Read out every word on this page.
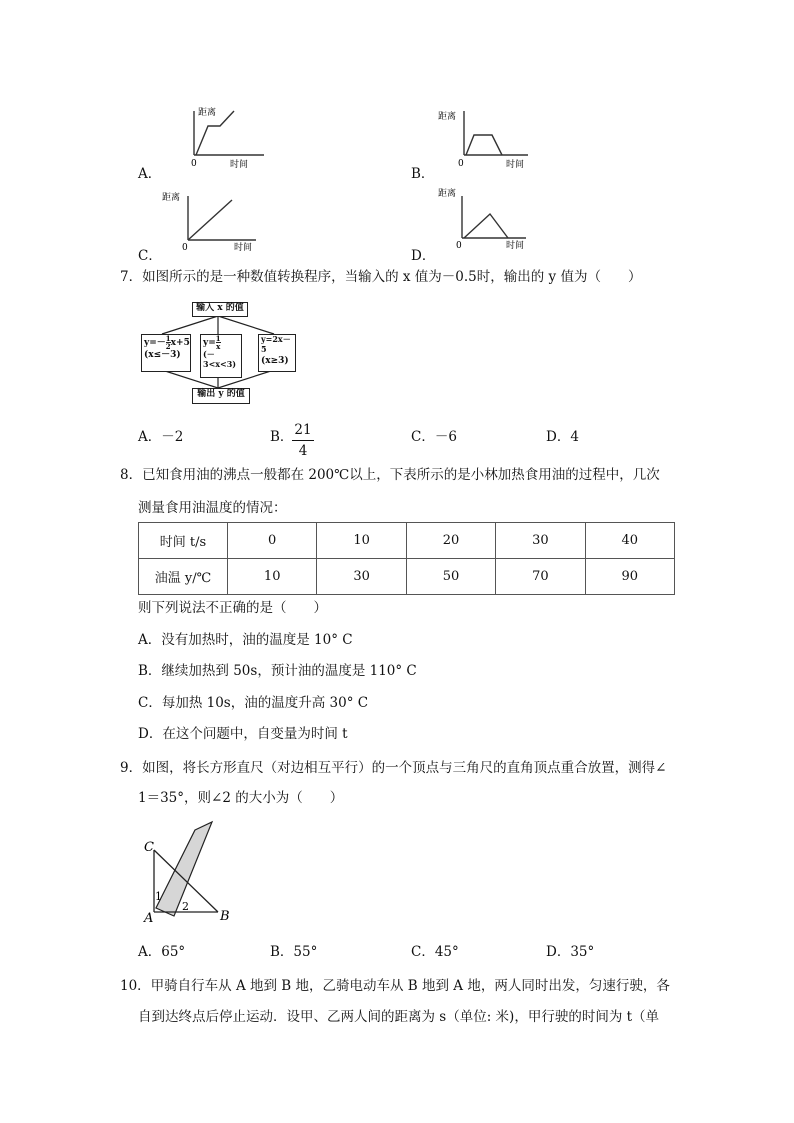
A．
距离
0	时间
B．
距离
0	时间
C．
距离
0	时间	D．
距离
0	时间
7．如图所示的是一种数值转换程序，当输入的 x 值为－0.5时，输出的 y 值为（　　）
输入 x 的值
$y=- \frac{1}{2} x+5$
(x≤－3)
$y= \frac{1}{x}$

(－3<x<3)
y=2x－5
(x≥3)
输出 y 的值
A．－2	B． 21
4
C．－6	D．4
8．已知食用油的沸点一般都在 200℃以上，下表所示的是小林加热食用油的过程中，几次
测量食用油温度的情况：
时间 t/s	0	10	20	30	40
油温 y/℃	10	30	50	70	90
则下列说法不正确的是（　　）
A．没有加热时，油的温度是 10° C
B．继续加热到 50s，预计油的温度是 110° C
C．每加热 10s，油的温度升高 30° C
D．在这个问题中，自变量为时间 t
9．如图，将长方形直尺（对边相互平行）的一个顶点与三角尺的直角顶点重合放置，测得∠
1＝35°，则∠2 的大小为（　　）
C
A	B
1
2
A．65°	B．55°	C．45°	D．35°
10．甲骑自行车从 A 地到 B 地，乙骑电动车从 B 地到 A 地，两人同时出发，匀速行驶，各
自到达终点后停止运动．设甲、乙两人间的距离为 s（单位: 米)，甲行驶的时间为 t（单
